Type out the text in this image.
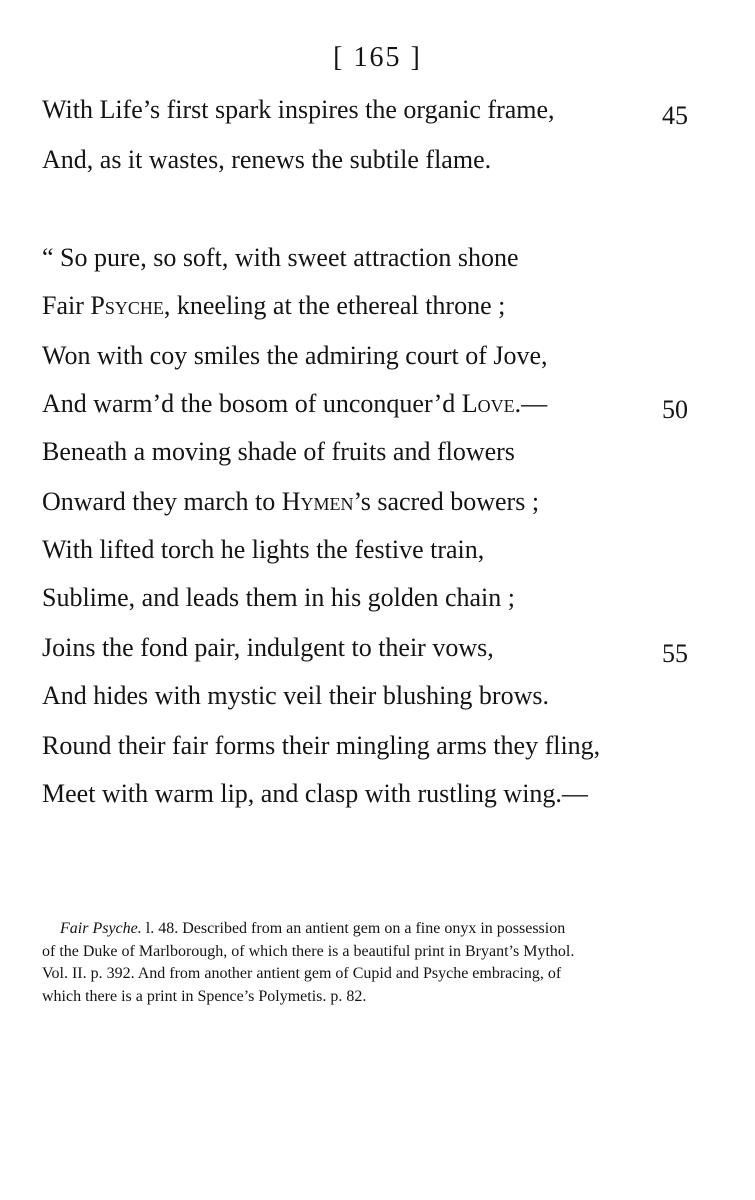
[ 165 ]
With Life’s first spark inspires the organic frame,	45
And, as it wastes, renews the subtile flame.
“ So pure, so soft, with sweet attraction shone
Fair Psyche, kneeling at the ethereal throne ;
Won with coy smiles the admiring court of Jove,
And warm’d the bosom of unconquer’d Love.—	50
Beneath a moving shade of fruits and flowers
Onward they march to Hymen’s sacred bowers ;
With lifted torch he lights the festive train,
Sublime, and leads them in his golden chain ;
Joins the fond pair, indulgent to their vows,	55
And hides with mystic veil their blushing brows.
Round their fair forms their mingling arms they fling,
Meet with warm lip, and clasp with rustling wing.—

Fair Psyche. l. 48. Described from an antient gem on a fine onyx in possession

of the Duke of Marlborough, of which there is a beautiful print in Bryant’s Mythol.

Vol. II. p. 392. And from another antient gem of Cupid and Psyche embracing, of

which there is a print in Spence’s Polymetis. p. 82.
